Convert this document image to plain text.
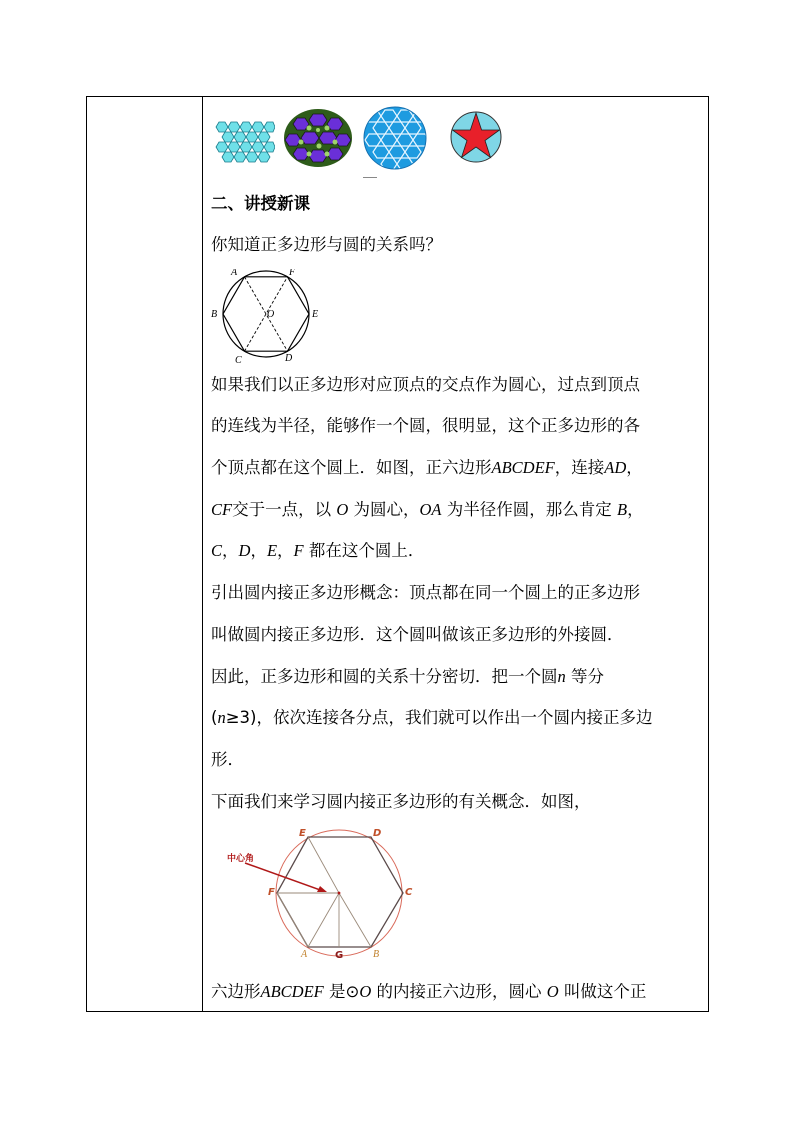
二、讲授新课
你知道正多边形与圆的关系吗？
A	F
B	O	E
C	D
如果我们以正多边形对应顶点的交点作为圆心，过点到顶点
的连线为半径，能够作一个圆，很明显，这个正多边形的各
个顶点都在这个圆上．如图，正六边形ABCDEF，连接AD，
CF交于一点，以 O 为圆心，OA 为半径作圆，那么肯定 B，
C，D，E，F 都在这个圆上．
引出圆内接正多边形概念：顶点都在同一个圆上的正多边形
叫做圆内接正多边形．这个圆叫做该正多边形的外接圆．
因此，正多边形和圆的关系十分密切．把一个圆n 等分
(n≥3)，依次连接各分点，我们就可以作出一个圆内接正多边
形．
下面我们来学习圆内接正多边形的有关概念．如图，
中心角
E	D
C
F
A	G	B
六边形ABCDEF 是⊙O 的内接正六边形，圆心 O 叫做这个正
